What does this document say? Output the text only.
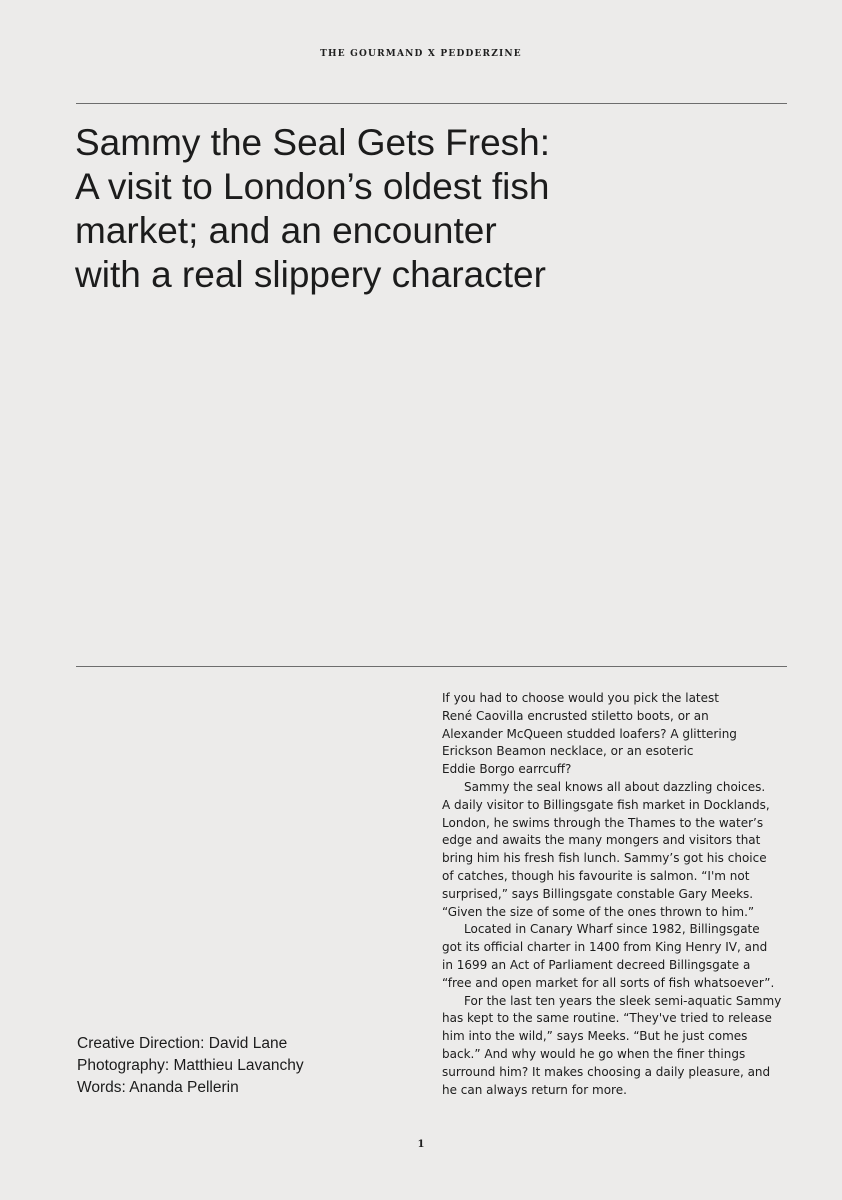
THE GOURMAND X PEDDERZINE
Sammy the Seal Gets Fresh:
A visit to London’s oldest fish
market; and an encounter
with a real slippery character
Creative Direction: David Lane
Photography: Matthieu Lavanchy
Words: Ananda Pellerin
If you had to choose would you pick the latest
René Caovilla encrusted stiletto boots, or an
Alexander McQueen studded loafers? A glittering
Erickson Beamon necklace, or an esoteric
Eddie Borgo earrcuff?
Sammy the seal knows all about dazzling choices.
A daily visitor to Billingsgate fish market in Docklands,
London, he swims through the Thames to the water’s
edge and awaits the many mongers and visitors that
bring him his fresh fish lunch. Sammy’s got his choice
of catches, though his favourite is salmon. “I'm not
surprised,” says Billingsgate constable Gary Meeks.
“Given the size of some of the ones thrown to him.”
Located in Canary Wharf since 1982, Billingsgate
got its official charter in 1400 from King Henry IV, and
in 1699 an Act of Parliament decreed Billingsgate a
“free and open market for all sorts of fish whatsoever”.
For the last ten years the sleek semi-aquatic Sammy
has kept to the same routine. “They've tried to release
him into the wild,” says Meeks. “But he just comes
back.” And why would he go when the finer things
surround him? It makes choosing a daily pleasure, and
he can always return for more.
1
